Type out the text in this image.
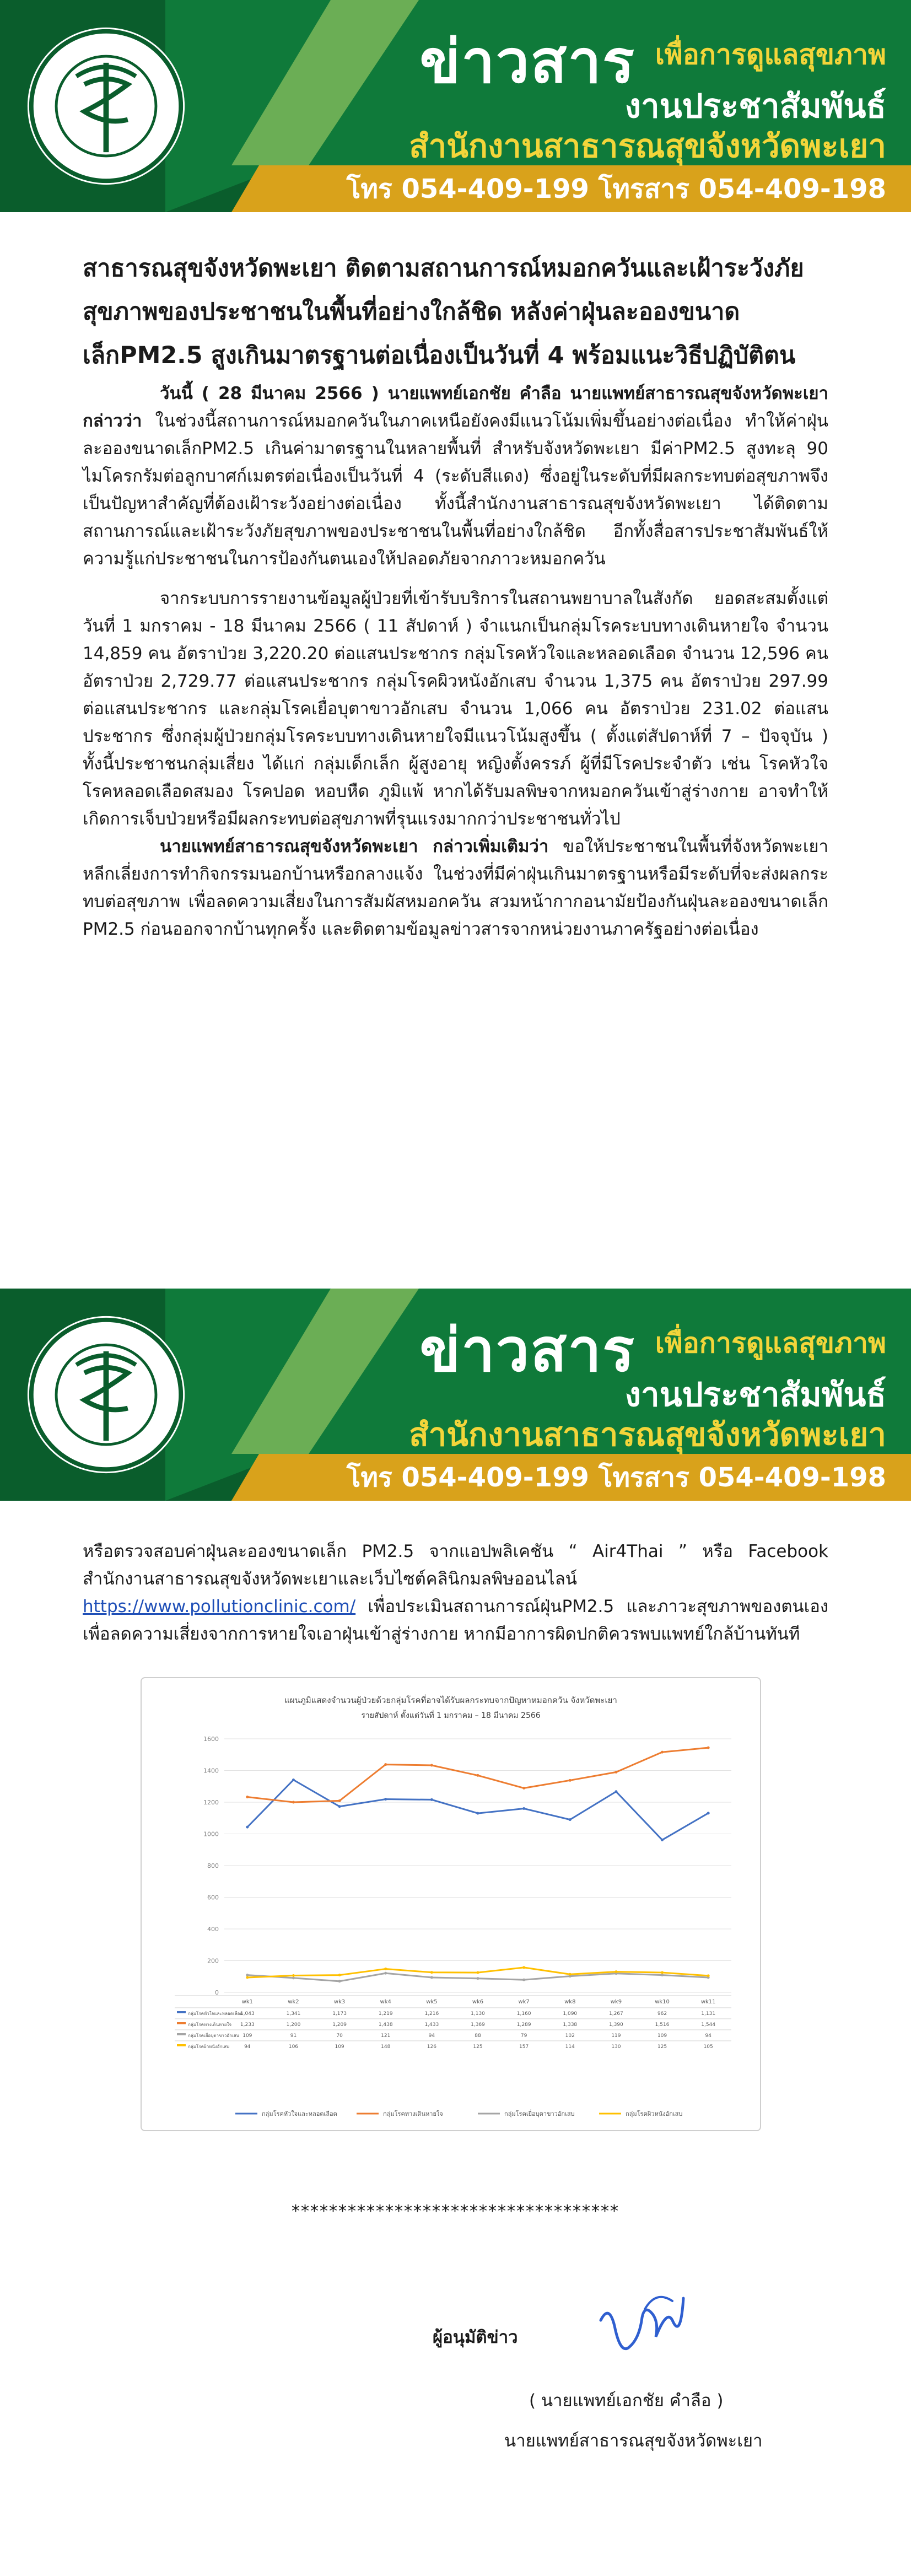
ข่าวสาร เพื่อการดูแลสุขภาพ
งานประชาสัมพันธ์
สำนักงานสาธารณสุขจังหวัดพะเยา
โทร 054-409-199 โทรสาร 054-409-198
สาธารณสุขจังหวัดพะเยา ติดตามสถานการณ์หมอกควันและเฝ้าระวังภัยสุขภาพของประชาชนในพื้นที่อย่างใกล้ชิด หลังค่าฝุ่นละอองขนาดเล็กPM2.5 สูงเกินมาตรฐานต่อเนื่องเป็นวันที่ 4 พร้อมแนะวิธีปฏิบัติตน

วันนี้ ( 28 มีนาคม 2566 ) นายแพทย์เอกชัย คำลือ นายแพทย์สาธารณสุขจังหวัดพะเยา กล่าวว่า ในช่วงนี้สถานการณ์หมอกควันในภาคเหนือยังคงมีแนวโน้มเพิ่มขึ้นอย่างต่อเนื่อง ทำให้ค่าฝุ่นละอองขนาดเล็กPM2.5 เกินค่ามาตรฐานในหลายพื้นที่ สำหรับจังหวัดพะเยา มีค่าPM2.5 สูงทะลุ 90 ไมโครกรัมต่อลูกบาศก์เมตรต่อเนื่องเป็นวันที่ 4 (ระดับสีแดง) ซึ่งอยู่ในระดับที่มีผลกระทบต่อสุขภาพจึงเป็นปัญหาสำคัญที่ต้องเฝ้าระวังอย่างต่อเนื่อง ทั้งนี้สำนักงานสาธารณสุขจังหวัดพะเยา ได้ติดตามสถานการณ์และเฝ้าระวังภัยสุขภาพของประชาชนในพื้นที่อย่างใกล้ชิด อีกทั้งสื่อสารประชาสัมพันธ์ให้ความรู้แก่ประชาชนในการป้องกันตนเองให้ปลอดภัยจากภาวะหมอกควัน

จากระบบการรายงานข้อมูลผู้ป่วยที่เข้ารับบริการในสถานพยาบาลในสังกัด ยอดสะสมตั้งแต่วันที่ 1 มกราคม - 18 มีนาคม 2566 ( 11 สัปดาห์ ) จำแนกเป็นกลุ่มโรคระบบทางเดินหายใจ จำนวน 14,859 คน อัตราป่วย 3,220.20 ต่อแสนประชากร กลุ่มโรคหัวใจและหลอดเลือด จำนวน 12,596 คน อัตราป่วย 2,729.77 ต่อแสนประชากร กลุ่มโรคผิวหนังอักเสบ จำนวน 1,375 คน อัตราป่วย 297.99 ต่อแสนประชากร และกลุ่มโรคเยื่อบุตาขาวอักเสบ จำนวน 1,066 คน อัตราป่วย 231.02 ต่อแสนประชากร ซึ่งกลุ่มผู้ป่วยกลุ่มโรคระบบทางเดินหายใจมีแนวโน้มสูงขึ้น ( ตั้งแต่สัปดาห์ที่ 7 – ปัจจุบัน ) ทั้งนี้ประชาชนกลุ่มเสี่ยง ได้แก่ กลุ่มเด็กเล็ก ผู้สูงอายุ หญิงตั้งครรภ์ ผู้ที่มีโรคประจำตัว เช่น โรคหัวใจ โรคหลอดเลือดสมอง โรคปอด หอบหืด ภูมิแพ้ หากได้รับมลพิษจากหมอกควันเข้าสู่ร่างกาย อาจทำให้เกิดการเจ็บป่วยหรือมีผลกระทบต่อสุขภาพที่รุนแรงมากกว่าประชาชนทั่วไป

นายแพทย์สาธารณสุขจังหวัดพะเยา กล่าวเพิ่มเติมว่า ขอให้ประชาชนในพื้นที่จังหวัดพะเยา หลีกเลี่ยงการทำกิจกรรมนอกบ้านหรือกลางแจ้ง ในช่วงที่มีค่าฝุ่นเกินมาตรฐานหรือมีระดับที่จะส่งผลกระทบต่อสุขภาพ เพื่อลดความเสี่ยงในการสัมผัสหมอกควัน สวมหน้ากากอนามัยป้องกันฝุ่นละอองขนาดเล็ก PM2.5 ก่อนออกจากบ้านทุกครั้ง และติดตามข้อมูลข่าวสารจากหน่วยงานภาครัฐอย่างต่อเนื่อง

ข่าวสาร เพื่อการดูแลสุขภาพ
งานประชาสัมพันธ์
สำนักงานสาธารณสุขจังหวัดพะเยา
โทร 054-409-199 โทรสาร 054-409-198

หรือตรวจสอบค่าฝุ่นละอองขนาดเล็ก PM2.5 จากแอปพลิเคชัน “ Air4Thai ” หรือ Facebook สำนักงานสาธารณสุขจังหวัดพะเยาและเว็บไซต์คลินิกมลพิษออนไลน์ https://www.pollutionclinic.com/ เพื่อประเมินสถานการณ์ฝุ่นPM2.5 และภาวะสุขภาพของตนเอง เพื่อลดความเสี่ยงจากการหายใจเอาฝุ่นเข้าสู่ร่างกาย หากมีอาการผิดปกติควรพบแพทย์ใกล้บ้านทันที

แผนภูมิแสดงจำนวนผู้ป่วยด้วยกลุ่มโรคที่อาจได้รับผลกระทบจากปัญหาหมอกควัน จังหวัดพะเยา
รายสัปดาห์ ตั้งแต่วันที่ 1 มกราคม – 18 มีนาคม 2566
0
200
400
600
800
1000
1200
1400
1600
wk1	wk2	wk3	wk4	wk5	wk6	wk7	wk8	wk9	wk10	wk11
กลุ่มโรคหัวใจและหลอดเลือด
1,043	1,341	1,173	1,219	1,216	1,130	1,160	1,090	1,267	962	1,131
กลุ่มโรคทางเดินหายใจ 1,233	1,200	1,209	1,438	1,433	1,369	1,289	1,338	1,390	1,516	1,544
กลุ่มโรคเยื่อบุตาขาวอักเสบ 109	91	70	121	94	88	79	102	119	109	94
กลุ่มโรคผิวหนังอักเสบ	94	106	109	148	126	125	157	114	130	125	105
กลุ่มโรคหัวใจและหลอดเลือด	กลุ่มโรคทางเดินหายใจ	กลุ่มโรคเยื่อบุตาขาวอักเสบ	กลุ่มโรคผิวหนังอักเสบ
***********************************
ผู้อนุมัติข่าว
( นายแพทย์เอกชัย คำลือ )
นายแพทย์สาธารณสุขจังหวัดพะเยา
